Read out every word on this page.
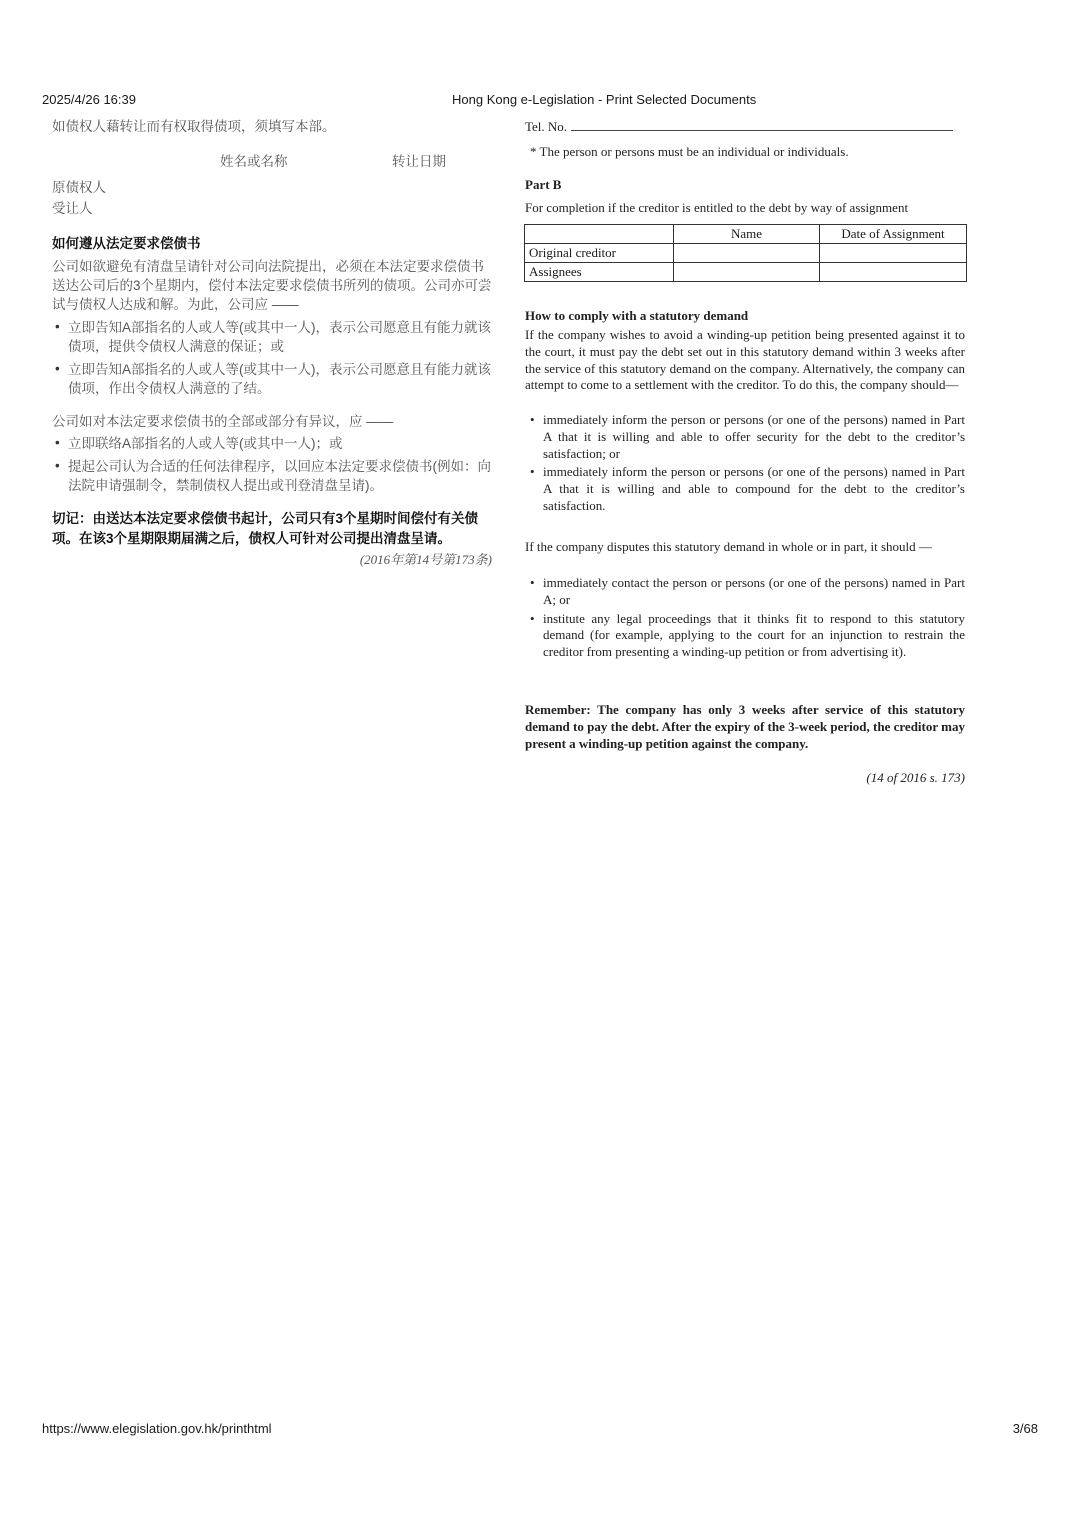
2025/4/26 16:39	Hong Kong e-Legislation - Print Selected Documents
如债权人藉转让而有权取得债项，须填写本部。
姓名或名称	转让日期
原债权人
受让人
如何遵从法定要求偿债书
公司如欲避免有清盘呈请针对公司向法院提出，必须在本法定要求偿债书送达公司后的3个星期内，偿付本法定要求偿债书所列的债项。公司亦可尝试与债权人达成和解。为此，公司应 ——
• 立即告知A部指名的人或人等(或其中一人)，表示公司愿意且有能力就该债项，提供令债权人满意的保证；或
• 立即告知A部指名的人或人等(或其中一人)，表示公司愿意且有能力就该债项，作出令债权人满意的了结。
公司如对本法定要求偿债书的全部或部分有异议，应 ——
• 立即联络A部指名的人或人等(或其中一人)；或
• 提起公司认为合适的任何法律程序，以回应本法定要求偿债书(例如：向法院申请强制令，禁制债权人提出或刊登清盘呈请)。
切记：由送达本法定要求偿债书起计，公司只有3个星期时间偿付有关债项。在该3个星期限期届满之后，债权人可针对公司提出清盘呈请。
(2016年第14号第173条)
Tel. No.
* The person or persons must be an individual or individuals.
Part B
For completion if the creditor is entitled to the debt by way of assignment
	Name	Date of Assignment
Original creditor		
Assignees		
How to comply with a statutory demand
If the company wishes to avoid a winding-up petition being presented against it to the court, it must pay the debt set out in this statutory demand within 3 weeks after the service of this statutory demand on the company. Alternatively, the company can attempt to come to a settlement with the creditor. To do this, the company should—
• immediately inform the person or persons (or one of the persons) named in Part A that it is willing and able to offer security for the debt to the creditor’s satisfaction; or
• immediately inform the person or persons (or one of the persons) named in Part A that it is willing and able to compound for the debt to the creditor’s satisfaction.
If the company disputes this statutory demand in whole or in part, it should —
• immediately contact the person or persons (or one of the persons) named in Part A; or
• institute any legal proceedings that it thinks fit to respond to this statutory demand (for example, applying to the court for an injunction to restrain the creditor from presenting a winding-up petition or from advertising it).
Remember: The company has only 3 weeks after service of this statutory demand to pay the debt. After the expiry of the 3-week period, the creditor may present a winding-up petition against the company.
(14 of 2016 s. 173)
https://www.elegislation.gov.hk/printhtml	3/68
